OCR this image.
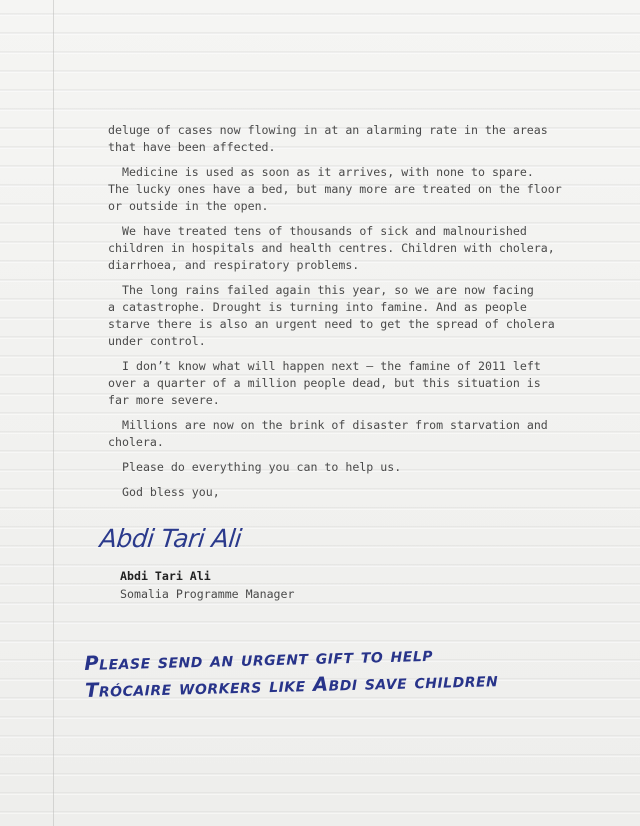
deluge of cases now flowing in at an alarming rate in the areas
that have been affected.

Medicine is used as soon as it arrives, with none to spare.
The lucky ones have a bed, but many more are treated on the floor
or outside in the open.

We have treated tens of thousands of sick and malnourished
children in hospitals and health centres. Children with cholera,
diarrhoea, and respiratory problems.

The long rains failed again this year, so we are now facing
a catastrophe. Drought is turning into famine. And as people
starve there is also an urgent need to get the spread of cholera
under control.

I don’t know what will happen next – the famine of 2011 left
over a quarter of a million people dead, but this situation is
far more severe.

Millions are now on the brink of disaster from starvation and
cholera.

Please do everything you can to help us.

God bless you,

Abdi Tari Ali
Abdi Tari Ali
Somalia Programme Manager
Please send an urgent gift to help
Trócaire workers like Abdi save children
